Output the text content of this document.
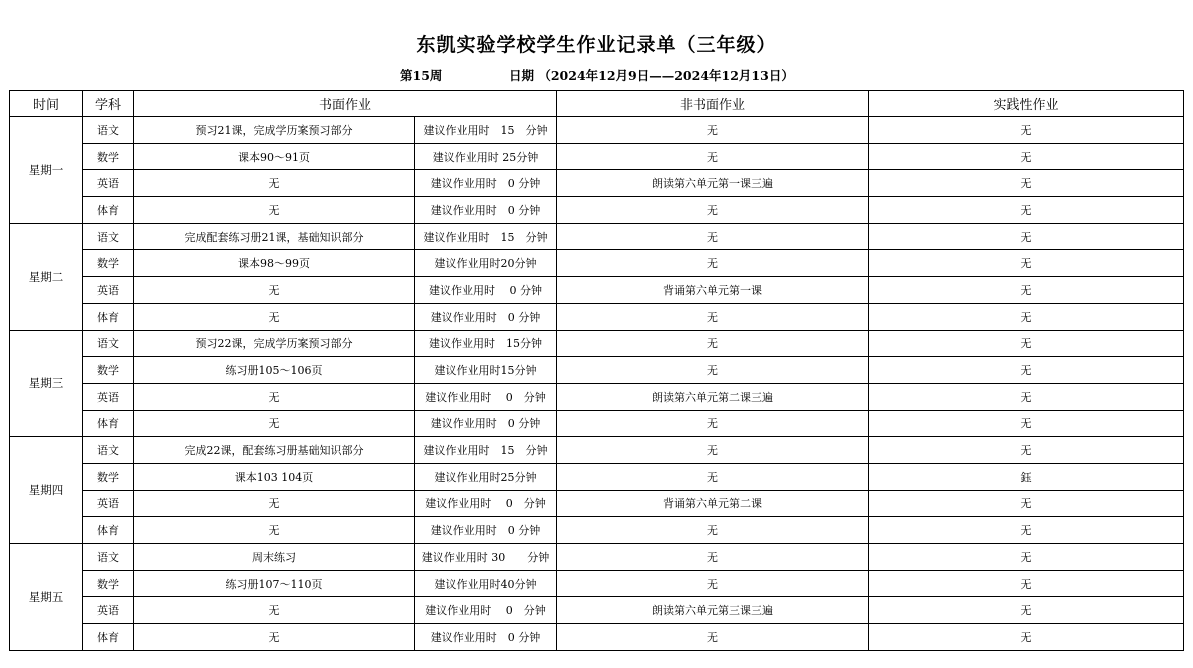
东凯实验学校学生作业记录单（三年级）
第15周	日期 （2024年12月9日——2024年12月13日）
时间	学科	书面作业		非书面作业	实践性作业
星期一	语文	预习21课，完成学历案预习部分	建议作业用时　15　分钟	无	无
	数学	课本90～91页	建议作业用时 25分钟	无	无
	英语	无	建议作业用时　0 分钟	朗读第六单元第一课三遍	无
	体育	无	建议作业用时　0 分钟	无	无
星期二	语文	完成配套练习册21课，基础知识部分	建议作业用时　15　分钟	无	无
	数学	课本98～99页	建议作业用时20分钟	无	无
	英语	无	建议作业用时　 0 分钟	背诵第六单元第一课	无
	体育	无	建议作业用时　0 分钟	无	无
星期三	语文	预习22课，完成学历案预习部分	建议作业用时　15分钟	无	无
	数学	练习册105～106页	建议作业用时15分钟	无	无
	英语	无	建议作业用时　 0　分钟	朗读第六单元第二课三遍	无
	体育	无	建议作业用时　0 分钟	无	无
星期四	语文	完成22课，配套练习册基础知识部分	建议作业用时　15　分钟	无	无
	数学	课本103 104页	建议作业用时25分钟	无	鈺
	英语	无	建议作业用时　 0　分钟	背诵第六单元第二课	无
	体育	无	建议作业用时　0 分钟	无	无
星期五	语文	周末练习	建议作业用时 30　　分钟	无	无
	数学	练习册107～110页	建议作业用时40分钟	无	无
	英语	无	建议作业用时　 0　分钟	朗读第六单元第三课三遍	无
	体育	无	建议作业用时　0 分钟	无	无
